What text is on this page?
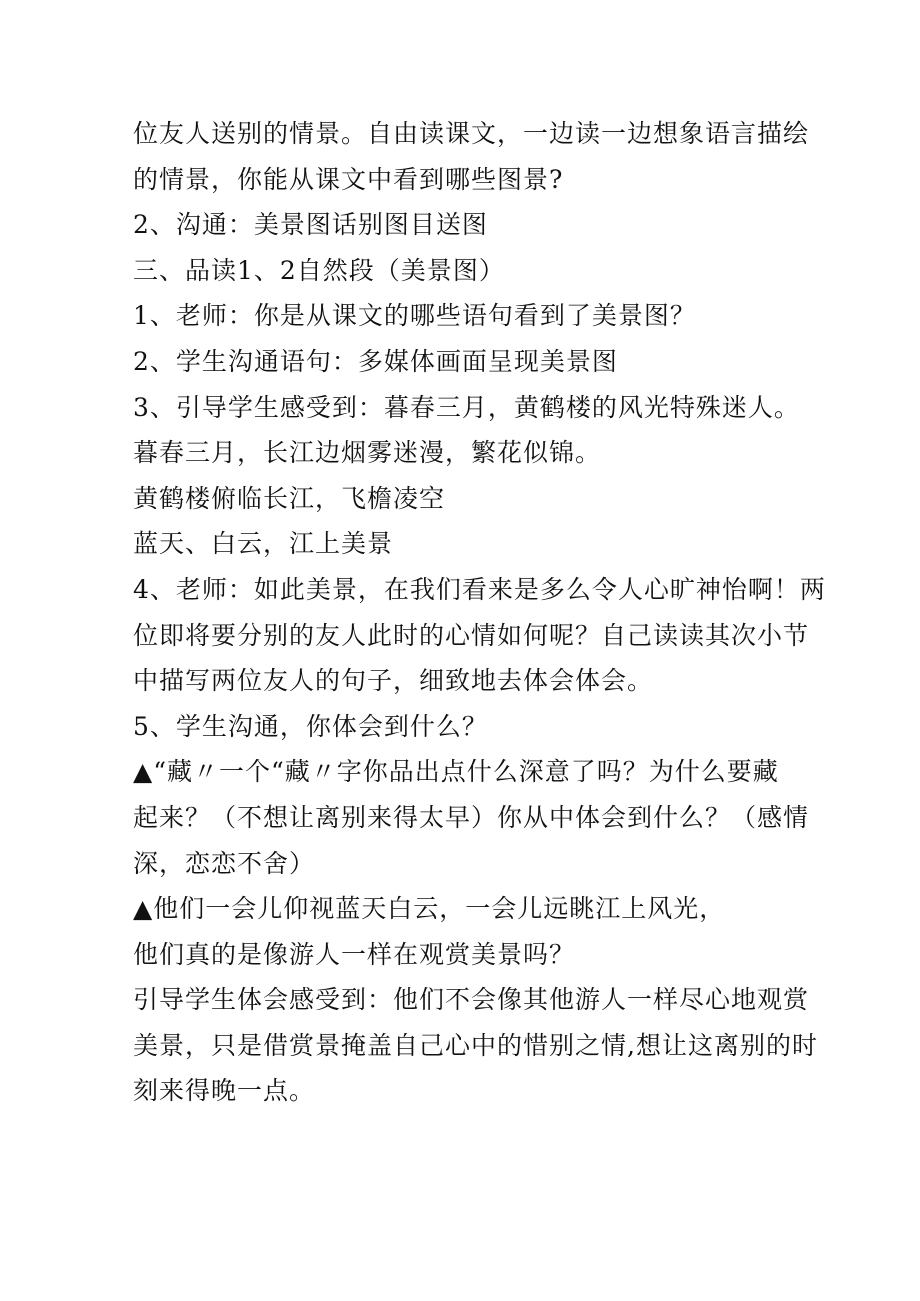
位友人送别的情景。自由读课文，一边读一边想象语言描绘
的情景，你能从课文中看到哪些图景?
2、沟通：美景图话别图目送图
三、品读1、2自然段（美景图）
1、老师：你是从课文的哪些语句看到了美景图？
2、学生沟通语句：多媒体画面呈现美景图
3、引导学生感受到：暮春三月，黄鹤楼的风光特殊迷人。
暮春三月，长江边烟雾迷漫，繁花似锦。
黄鹤楼俯临长江，飞檐凌空
蓝天、白云，江上美景
4、老师：如此美景，在我们看来是多么令人心旷神怡啊！两
位即将要分别的友人此时的心情如何呢？自己读读其次小节
中描写两位友人的句子，细致地去体会体会。
5、学生沟通，你体会到什么？
▲“藏〃一个“藏〃字你品出点什么深意了吗？为什么要藏
起来？（不想让离别来得太早）你从中体会到什么？（感情
深，恋恋不舍）
▲他们一会儿仰视蓝天白云，一会儿远眺江上风光，
他们真的是像游人一样在观赏美景吗？
引导学生体会感受到：他们不会像其他游人一样尽心地观赏
美景，只是借赏景掩盖自己心中的惜别之情,想让这离别的时
刻来得晚一点。
